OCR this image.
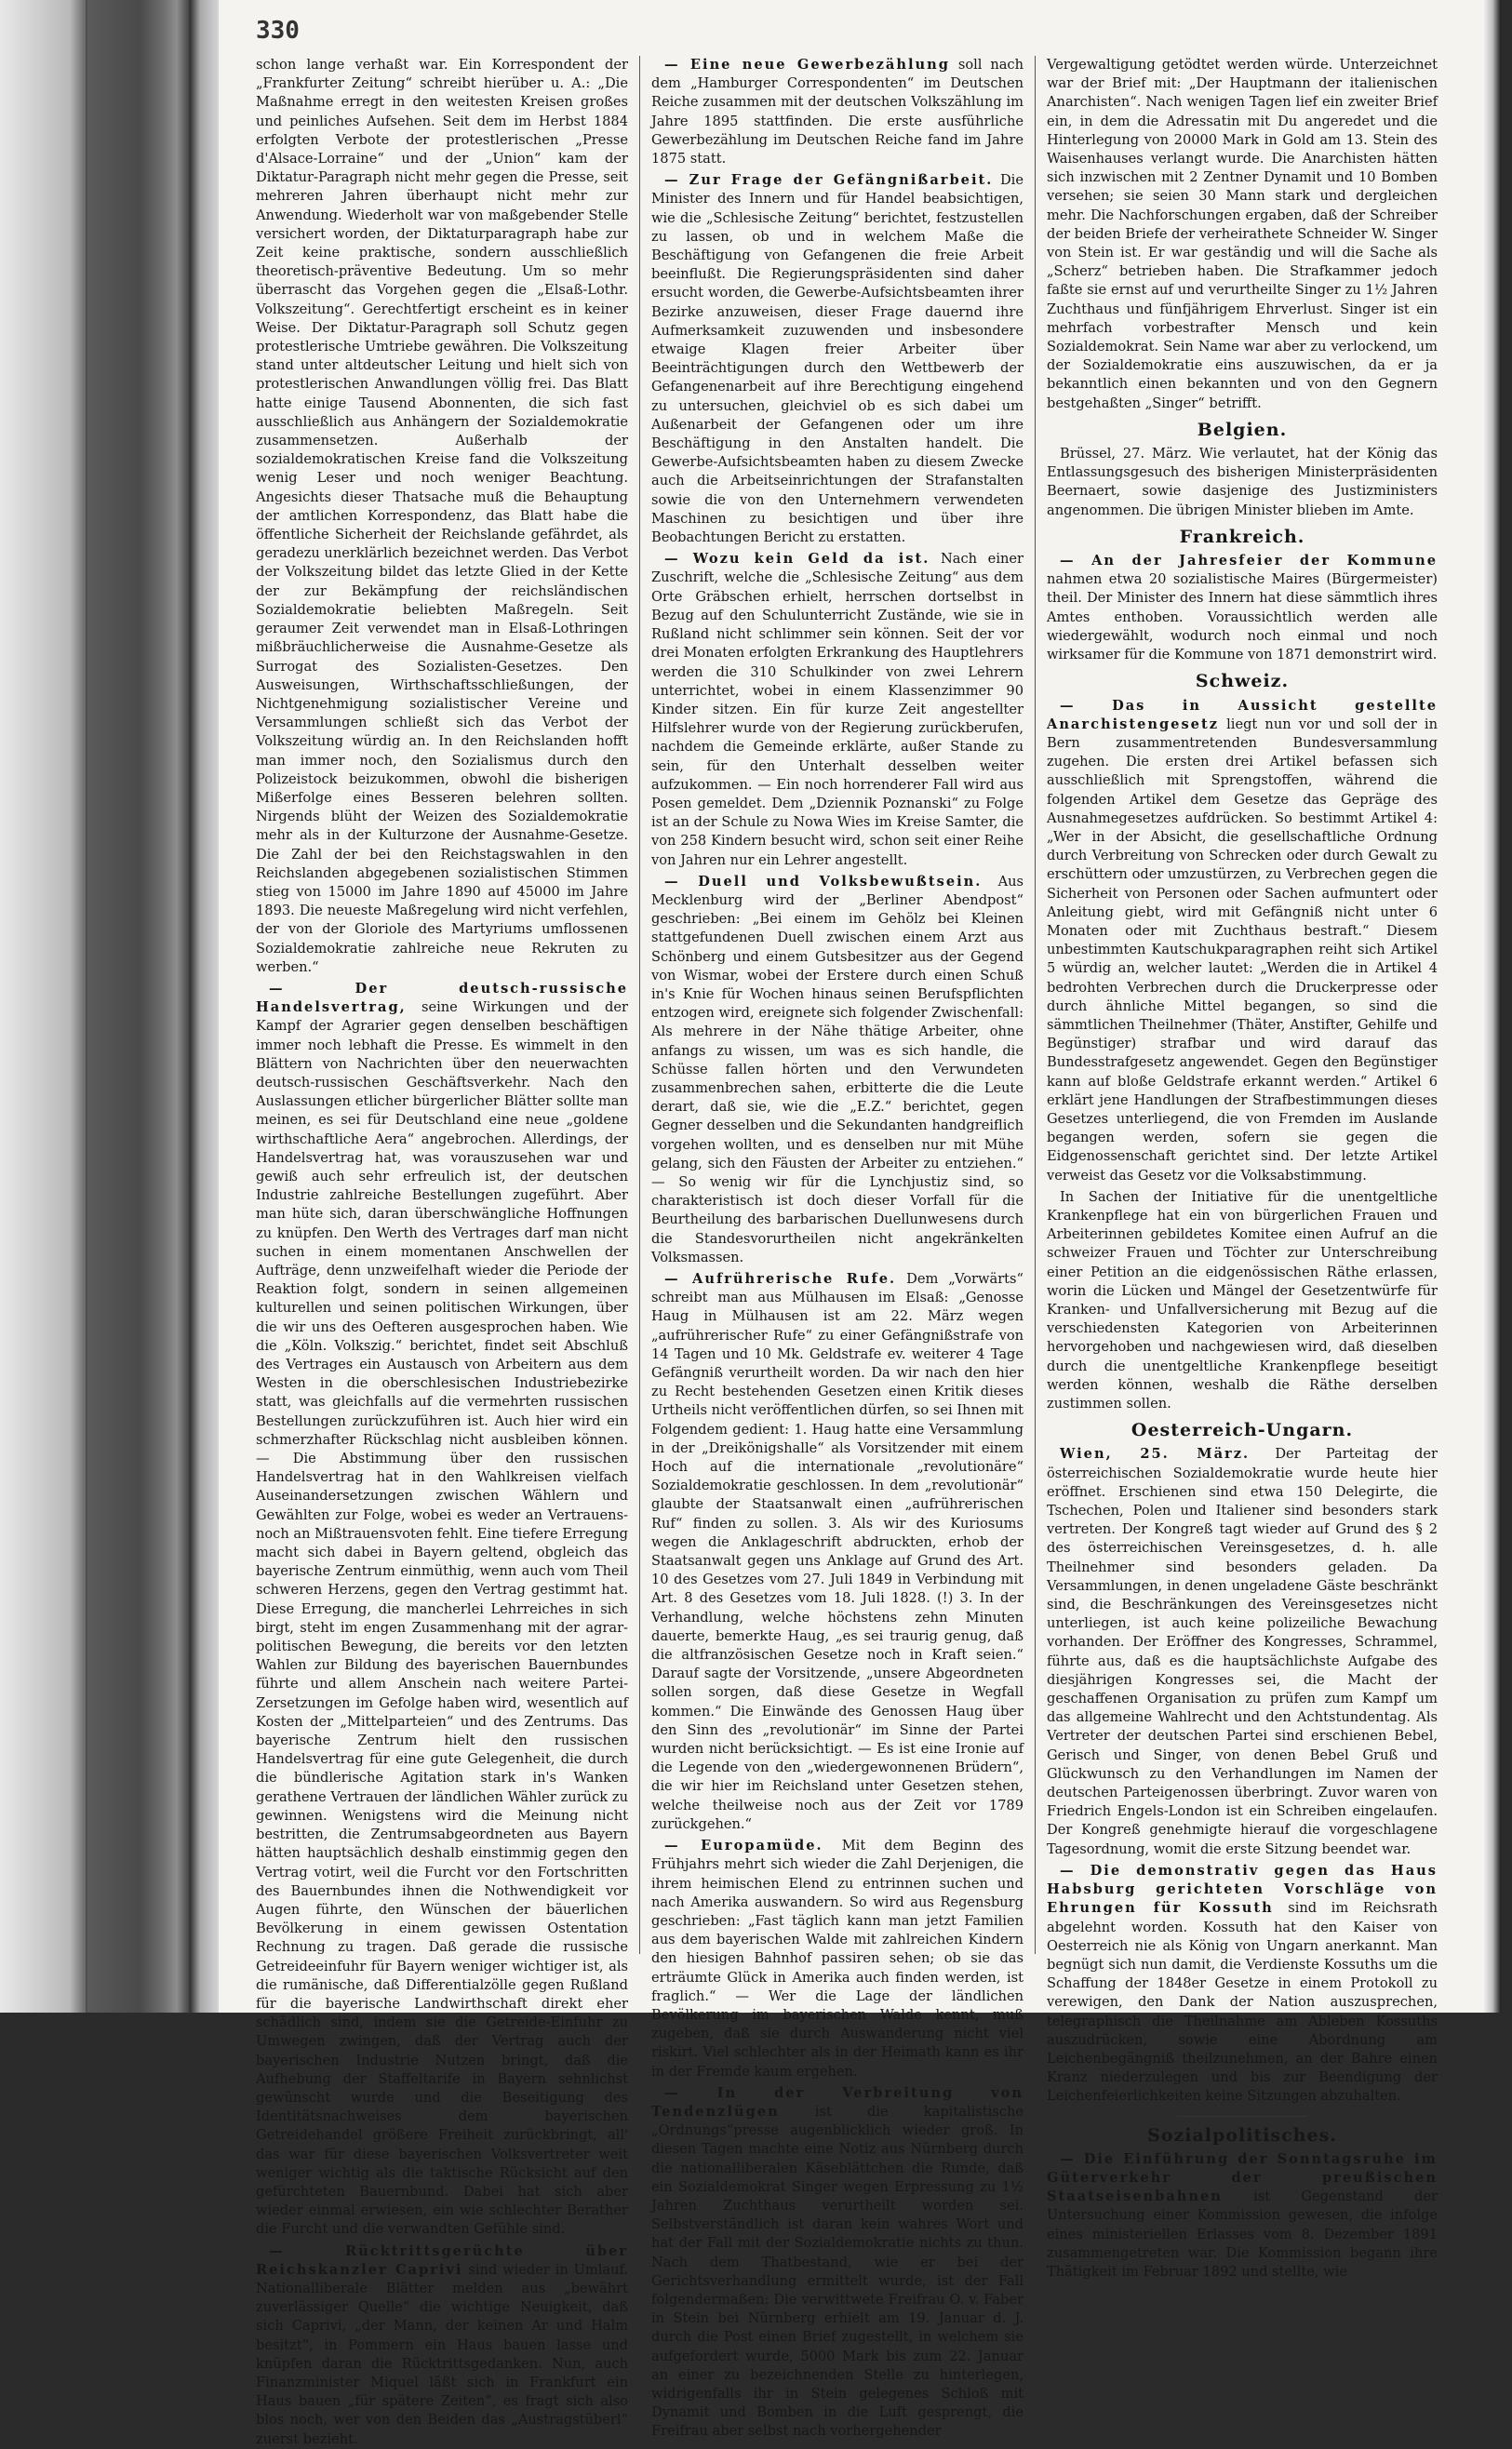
330

schon lange verhaßt war. Ein Korrespondent der „Frankfurter Zeitung“ schreibt hierüber u. A.: „Die Maßnahme erregt in den weitesten Kreisen großes und peinliches Aufsehen. Seit dem im Herbst 1884 erfolgten Verbote der protestlerischen „Presse d'Alsace-Lorraine“ und der „Union“ kam der Diktatur-Paragraph nicht mehr gegen die Presse, seit mehreren Jahren überhaupt nicht mehr zur Anwendung. Wiederholt war von maßgebender Stelle versichert worden, der Diktaturparagraph habe zur Zeit keine praktische, sondern ausschließlich theoretisch-präventive Bedeutung. Um so mehr überrascht das Vorgehen gegen die „Elsaß-Lothr. Volkszeitung“. Gerechtfertigt erscheint es in keiner Weise. Der Diktatur-Paragraph soll Schutz gegen protestlerische Umtriebe gewähren. Die Volkszeitung stand unter altdeutscher Leitung und hielt sich von protestlerischen Anwandlungen völlig frei. Das Blatt hatte einige Tausend Abonnenten, die sich fast ausschließlich aus Anhängern der Sozialdemokratie zusammensetzen. Außerhalb der sozialdemokratischen Kreise fand die Volkszeitung wenig Leser und noch weniger Beachtung. Angesichts dieser Thatsache muß die Behauptung der amtlichen Korrespondenz, das Blatt habe die öffentliche Sicherheit der Reichslande gefährdet, als geradezu unerklärlich bezeichnet werden. Das Verbot der Volkszeitung bildet das letzte Glied in der Kette der zur Bekämpfung der reichsländischen Sozialdemokratie beliebten Maßregeln. Seit geraumer Zeit verwendet man in Elsaß-Lothringen mißbräuchlicherweise die Ausnahme-Gesetze als Surrogat des Sozialisten-Gesetzes. Den Ausweisungen, Wirthschaftsschließungen, der Nichtgenehmigung sozialistischer Vereine und Versammlungen schließt sich das Verbot der Volkszeitung würdig an. In den Reichslanden hofft man immer noch, den Sozialismus durch den Polizeistock beizukommen, obwohl die bisherigen Mißerfolge eines Besseren belehren sollten. Nirgends blüht der Weizen des Sozialdemokratie mehr als in der Kulturzone der Ausnahme-Gesetze. Die Zahl der bei den Reichstagswahlen in den Reichslanden abgegebenen sozialistischen Stimmen stieg von 15000 im Jahre 1890 auf 45000 im Jahre 1893. Die neueste Maßregelung wird nicht verfehlen, der von der Gloriole des Martyriums umflossenen Sozialdemokratie zahlreiche neue Rekruten zu werben.“

— Der deutsch-russische Handelsvertrag, seine Wirkungen und der Kampf der Agrarier gegen denselben beschäftigen immer noch lebhaft die Presse. Es wimmelt in den Blättern von Nachrichten über den neuerwachten deutsch-russischen Geschäftsverkehr. Nach den Auslassungen etlicher bürgerlicher Blätter sollte man meinen, es sei für Deutschland eine neue „goldene wirthschaftliche Aera“ angebrochen. Allerdings, der Handelsvertrag hat, was vorauszusehen war und gewiß auch sehr erfreulich ist, der deutschen Industrie zahlreiche Bestellungen zugeführt. Aber man hüte sich, daran überschwängliche Hoffnungen zu knüpfen. Den Werth des Vertrages darf man nicht suchen in einem momentanen Anschwellen der Aufträge, denn unzweifelhaft wieder die Periode der Reaktion folgt, sondern in seinen allgemeinen kulturellen und seinen politischen Wirkungen, über die wir uns des Oefteren ausgesprochen haben. Wie die „Köln. Volkszig.“ berichtet, findet seit Abschluß des Vertrages ein Austausch von Arbeitern aus dem Westen in die oberschlesischen Industriebezirke statt, was gleichfalls auf die vermehrten russischen Bestellungen zurückzuführen ist. Auch hier wird ein schmerzhafter Rückschlag nicht ausbleiben können. — Die Abstimmung über den russischen Handelsvertrag hat in den Wahlkreisen vielfach Auseinandersetzungen zwischen Wählern und Gewählten zur Folge, wobei es weder an Vertrauens- noch an Mißtrauensvoten fehlt. Eine tiefere Erregung macht sich dabei in Bayern geltend, obgleich das bayerische Zentrum einmüthig, wenn auch vom Theil schweren Herzens, gegen den Vertrag gestimmt hat. Diese Erregung, die mancherlei Lehrreiches in sich birgt, steht im engen Zusammenhang mit der agrar-politischen Bewegung, die bereits vor den letzten Wahlen zur Bildung des bayerischen Bauernbundes führte und allem Anschein nach weitere Partei-Zersetzungen im Gefolge haben wird, wesentlich auf Kosten der „Mittelparteien“ und des Zentrums. Das bayerische Zentrum hielt den russischen Handelsvertrag für eine gute Gelegenheit, die durch die bündlerische Agitation stark in's Wanken gerathene Vertrauen der ländlichen Wähler zurück zu gewinnen. Wenigstens wird die Meinung nicht bestritten, die Zentrumsabgeordneten aus Bayern hätten hauptsächlich deshalb einstimmig gegen den Vertrag votirt, weil die Furcht vor den Fortschritten des Bauernbundes ihnen die Nothwendigkeit vor Augen führte, den Wünschen der bäuerlichen Bevölkerung in einem gewissen Ostentation Rechnung zu tragen. Daß gerade die russische Getreideeinfuhr für Bayern weniger wichtiger ist, als die rumänische, daß Differentialzölle gegen Rußland für die bayerische Landwirthschaft direkt eher schädlich sind, indem sie die Getreide-Einfuhr zu Umwegen zwingen, daß der Vertrag auch der bayerischen Industrie Nutzen bringt, daß die Aufhebung der Staffeltarife in Bayern sehnlichst gewünscht wurde und die Beseitigung des Identitätsnachweises dem bayerischen Getreidehandel größere Freiheit zurückbringt, all' das war für diese bayerischen Volksvertreter weit weniger wichtig als die taktische Rücksicht auf den gefürchteten Bauernbund. Dabei hat sich aber wieder einmal erwiesen, ein wie schlechter Berather die Furcht und die verwandten Gefühle sind.

— Rücktrittsgerüchte über Reichskanzler Caprivi sind wieder in Umlauf. Nationalliberale Blätter melden aus „bewährt zuverlässiger Quelle“ die wichtige Neuigkeit, daß sich Caprivi, „der Mann, der keinen Ar und Halm besitzt“, in Pommern ein Haus bauen lasse und knüpfen daran die Rücktrittsgedanken. Nun, auch Finanzminister Miquel läßt sich in Frankfurt ein Haus bauen „für spätere Zeiten“, es fragt sich also blos noch, wer von den Beiden das „Austragstüberl“ zuerst bezieht.

— Eine neue Gewerbezählung soll nach dem „Hamburger Correspondenten“ im Deutschen Reiche zusammen mit der deutschen Volkszählung im Jahre 1895 stattfinden. Die erste ausführliche Gewerbezählung im Deutschen Reiche fand im Jahre 1875 statt.

— Zur Frage der Gefängnißarbeit. Die Minister des Innern und für Handel beabsichtigen, wie die „Schlesische Zeitung“ berichtet, festzustellen zu lassen, ob und in welchem Maße die Beschäftigung von Gefangenen die freie Arbeit beeinflußt. Die Regierungspräsidenten sind daher ersucht worden, die Gewerbe-Aufsichtsbeamten ihrer Bezirke anzuweisen, dieser Frage dauernd ihre Aufmerksamkeit zuzuwenden und insbesondere etwaige Klagen freier Arbeiter über Beeinträchtigungen durch den Wettbewerb der Gefangenenarbeit auf ihre Berechtigung eingehend zu untersuchen, gleichviel ob es sich dabei um Außenarbeit der Gefangenen oder um ihre Beschäftigung in den Anstalten handelt. Die Gewerbe-Aufsichtsbeamten haben zu diesem Zwecke auch die Arbeitseinrichtungen der Strafanstalten sowie die von den Unternehmern verwendeten Maschinen zu besichtigen und über ihre Beobachtungen Bericht zu erstatten.

— Wozu kein Geld da ist. Nach einer Zuschrift, welche die „Schlesische Zeitung“ aus dem Orte Gräbschen erhielt, herrschen dortselbst in Bezug auf den Schulunterricht Zustände, wie sie in Rußland nicht schlimmer sein können. Seit der vor drei Monaten erfolgten Erkrankung des Hauptlehrers werden die 310 Schulkinder von zwei Lehrern unterrichtet, wobei in einem Klassenzimmer 90 Kinder sitzen. Ein für kurze Zeit angestellter Hilfslehrer wurde von der Regierung zurückberufen, nachdem die Gemeinde erklärte, außer Stande zu sein, für den Unterhalt desselben weiter aufzukommen. — Ein noch horrenderer Fall wird aus Posen gemeldet. Dem „Dziennik Poznanski“ zu Folge ist an der Schule zu Nowa Wies im Kreise Samter, die von 258 Kindern besucht wird, schon seit einer Reihe von Jahren nur ein Lehrer angestellt.

— Duell und Volksbewußtsein. Aus Mecklenburg wird der „Berliner Abendpost“ geschrieben: „Bei einem im Gehölz bei Kleinen stattgefundenen Duell zwischen einem Arzt aus Schönberg und einem Gutsbesitzer aus der Gegend von Wismar, wobei der Erstere durch einen Schuß in's Knie für Wochen hinaus seinen Berufspflichten entzogen wird, ereignete sich folgender Zwischenfall: Als mehrere in der Nähe thätige Arbeiter, ohne anfangs zu wissen, um was es sich handle, die Schüsse fallen hörten und den Verwundeten zusammenbrechen sahen, erbitterte die die Leute derart, daß sie, wie die „E.Z.“ berichtet, gegen Gegner desselben und die Sekundanten handgreiflich vorgehen wollten, und es denselben nur mit Mühe gelang, sich den Fäusten der Arbeiter zu entziehen.“ — So wenig wir für die Lynchjustiz sind, so charakteristisch ist doch dieser Vorfall für die Beurtheilung des barbarischen Duellunwesens durch die Standesvorurtheilen nicht angekränkelten Volksmassen.

— Aufrührerische Rufe. Dem „Vorwärts“ schreibt man aus Mülhausen im Elsaß: „Genosse Haug in Mülhausen ist am 22. März wegen „aufrührerischer Rufe“ zu einer Gefängnißstrafe von 14 Tagen und 10 Mk. Geldstrafe ev. weiterer 4 Tage Gefängniß verurtheilt worden. Da wir nach den hier zu Recht bestehenden Gesetzen einen Kritik dieses Urtheils nicht veröffentlichen dürfen, so sei Ihnen mit Folgendem gedient: 1. Haug hatte eine Versammlung in der „Dreikönigshalle“ als Vorsitzender mit einem Hoch auf die internationale „revolutionäre“ Sozialdemokratie geschlossen. In dem „revolutionär“ glaubte der Staatsanwalt einen „aufrührerischen Ruf“ finden zu sollen. 3. Als wir des Kuriosums wegen die Anklageschrift abdruckten, erhob der Staatsanwalt gegen uns Anklage auf Grund des Art. 10 des Gesetzes vom 27. Juli 1849 in Verbindung mit Art. 8 des Gesetzes vom 18. Juli 1828. (!) 3. In der Verhandlung, welche höchstens zehn Minuten dauerte, bemerkte Haug, „es sei traurig genug, daß die altfranzösischen Gesetze noch in Kraft seien.“ Darauf sagte der Vorsitzende, „unsere Abgeordneten sollen sorgen, daß diese Gesetze in Wegfall kommen.“ Die Einwände des Genossen Haug über den Sinn des „revolutionär“ im Sinne der Partei wurden nicht berücksichtigt. — Es ist eine Ironie auf die Legende von den „wiedergewonnenen Brüdern“, die wir hier im Reichsland unter Gesetzen stehen, welche theilweise noch aus der Zeit vor 1789 zurückgehen.“

— Europamüde. Mit dem Beginn des Frühjahrs mehrt sich wieder die Zahl Derjenigen, die ihrem heimischen Elend zu entrinnen suchen und nach Amerika auswandern. So wird aus Regensburg geschrieben: „Fast täglich kann man jetzt Familien aus dem bayerischen Walde mit zahlreichen Kindern den hiesigen Bahnhof passiren sehen; ob sie das erträumte Glück in Amerika auch finden werden, ist fraglich.“ — Wer die Lage der ländlichen Bevölkerung im bayerischen Walde kennt, muß zugeben, daß sie durch Auswanderung nicht viel riskirt. Viel schlechter als in der Heimath kann es ihr in der Fremde kaum ergehen.

— In der Verbreitung von Tendenzlügen ist die kapitalistische „Ordnungs“presse augenblicklich wieder groß. In diesen Tagen machte eine Notiz aus Nürnberg durch die nationalliberalen Käseblättchen die Runde, daß ein Sozialdemokrat Singer wegen Erpressung zu 1½ Jahren Zuchthaus verurtheilt worden sei. Selbstverständlich ist daran kein wahres Wort und hat der Fall mit der Sozialdemokratie nichts zu thun. Nach dem Thatbestand, wie er bei der Gerichtsverhandlung ermittelt wurde, ist der Fall folgendermaßen: Die verwittwete Freifrau O. v. Faber in Stein bei Nürnberg erhielt am 19. Januar d. J. durch die Post einen Brief zugestellt, in welchem sie aufgefordert wurde, 5000 Mark bis zum 22. Januar an einer zu bezeichnenden Stelle zu hinterlegen, widrigenfalls ihr in Stein gelegenes Schloß mit Dynamit und Bomben in die Luft gesprengt, die Freifrau aber selbst nach vorhergehender

Vergewaltigung getödtet werden würde. Unterzeichnet war der Brief mit: „Der Hauptmann der italienischen Anarchisten“. Nach wenigen Tagen lief ein zweiter Brief ein, in dem die Adressatin mit Du angeredet und die Hinterlegung von 20000 Mark in Gold am 13. Stein des Waisenhauses verlangt wurde. Die Anarchisten hätten sich inzwischen mit 2 Zentner Dynamit und 10 Bomben versehen; sie seien 30 Mann stark und dergleichen mehr. Die Nachforschungen ergaben, daß der Schreiber der beiden Briefe der verheirathete Schneider W. Singer von Stein ist. Er war geständig und will die Sache als „Scherz“ betrieben haben. Die Strafkammer jedoch faßte sie ernst auf und verurtheilte Singer zu 1½ Jahren Zuchthaus und fünfjährigem Ehrverlust. Singer ist ein mehrfach vorbestrafter Mensch und kein Sozialdemokrat. Sein Name war aber zu verlockend, um der Sozialdemokratie eins auszuwischen, da er ja bekanntlich einen bekannten und von den Gegnern bestgehaßten „Singer“ betrifft.

Belgien.

Brüssel, 27. März. Wie verlautet, hat der König das Entlassungsgesuch des bisherigen Ministerpräsidenten Beernaert, sowie dasjenige des Justizministers angenommen. Die übrigen Minister blieben im Amte.

Frankreich.

— An der Jahresfeier der Kommune nahmen etwa 20 sozialistische Maires (Bürgermeister) theil. Der Minister des Innern hat diese sämmtlich ihres Amtes enthoben. Voraussichtlich werden alle wiedergewählt, wodurch noch einmal und noch wirksamer für die Kommune von 1871 demonstrirt wird.

Schweiz.

— Das in Aussicht gestellte Anarchistengesetz liegt nun vor und soll der in Bern zusammentretenden Bundesversammlung zugehen. Die ersten drei Artikel befassen sich ausschließlich mit Sprengstoffen, während die folgenden Artikel dem Gesetze das Gepräge des Ausnahmegesetzes aufdrücken. So bestimmt Artikel 4: „Wer in der Absicht, die gesellschaftliche Ordnung durch Verbreitung von Schrecken oder durch Gewalt zu erschüttern oder umzustürzen, zu Verbrechen gegen die Sicherheit von Personen oder Sachen aufmuntert oder Anleitung giebt, wird mit Gefängniß nicht unter 6 Monaten oder mit Zuchthaus bestraft.“ Diesem unbestimmten Kautschukparagraphen reiht sich Artikel 5 würdig an, welcher lautet: „Werden die in Artikel 4 bedrohten Verbrechen durch die Druckerpresse oder durch ähnliche Mittel begangen, so sind die sämmtlichen Theilnehmer (Thäter, Anstifter, Gehilfe und Begünstiger) strafbar und wird darauf das Bundesstrafgesetz angewendet. Gegen den Begünstiger kann auf bloße Geldstrafe erkannt werden.“ Artikel 6 erklärt jene Handlungen der Strafbestimmungen dieses Gesetzes unterliegend, die von Fremden im Auslande begangen werden, sofern sie gegen die Eidgenossenschaft gerichtet sind. Der letzte Artikel verweist das Gesetz vor die Volksabstimmung.

In Sachen der Initiative für die unentgeltliche Krankenpflege hat ein von bürgerlichen Frauen und Arbeiterinnen gebildetes Komitee einen Aufruf an die schweizer Frauen und Töchter zur Unterschreibung einer Petition an die eidgenössischen Räthe erlassen, worin die Lücken und Mängel der Gesetzentwürfe für Kranken- und Unfallversicherung mit Bezug auf die verschiedensten Kategorien von Arbeiterinnen hervorgehoben und nachgewiesen wird, daß dieselben durch die unentgeltliche Krankenpflege beseitigt werden können, weshalb die Räthe derselben zustimmen sollen.

Oesterreich-Ungarn.

Wien, 25. März. Der Parteitag der österreichischen Sozialdemokratie wurde heute hier eröffnet. Erschienen sind etwa 150 Delegirte, die Tschechen, Polen und Italiener sind besonders stark vertreten. Der Kongreß tagt wieder auf Grund des § 2 des österreichischen Vereinsgesetzes, d. h. alle Theilnehmer sind besonders geladen. Da Versammlungen, in denen ungeladene Gäste beschränkt sind, die Beschränkungen des Vereinsgesetzes nicht unterliegen, ist auch keine polizeiliche Bewachung vorhanden. Der Eröffner des Kongresses, Schrammel, führte aus, daß es die hauptsächlichste Aufgabe des diesjährigen Kongresses sei, die Macht der geschaffenen Organisation zu prüfen zum Kampf um das allgemeine Wahlrecht und den Achtstundentag. Als Vertreter der deutschen Partei sind erschienen Bebel, Gerisch und Singer, von denen Bebel Gruß und Glückwunsch zu den Verhandlungen im Namen der deutschen Parteigenossen überbringt. Zuvor waren von Friedrich Engels-London ist ein Schreiben eingelaufen. Der Kongreß genehmigte hierauf die vorgeschlagene Tagesordnung, womit die erste Sitzung beendet war.

— Die demonstrativ gegen das Haus Habsburg gerichteten Vorschläge von Ehrungen für Kossuth sind im Reichsrath abgelehnt worden. Kossuth hat den Kaiser von Oesterreich nie als König von Ungarn anerkannt. Man begnügt sich nun damit, die Verdienste Kossuths um die Schaffung der 1848er Gesetze in einem Protokoll zu verewigen, den Dank der Nation auszusprechen, telegraphisch die Theilnahme am Ableben Kossuths auszudrücken, sowie eine Abordnung am Leichenbegängniß theilzunehmen, an der Bahre einen Kranz niederzulegen und bis zur Beendigung der Leichenfeierlichkeiten keine Sitzungen abzuhalten.

Sozialpolitisches.

— Die Einführung der Sonntagsruhe im Güterverkehr der preußischen Staatseisenbahnen ist Gegenstand der Untersuchung einer Kommission gewesen, die infolge eines ministeriellen Erlasses vom 8. Dezember 1891 zusammengetreten war. Die Kommission begann ihre Thätigkeit im Februar 1892 und stellte, wie
